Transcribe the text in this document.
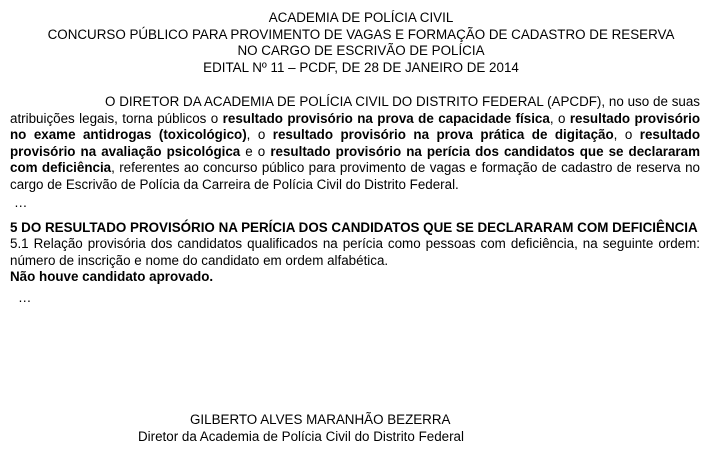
ACADEMIA DE POLÍCIA CIVIL
CONCURSO PÚBLICO PARA PROVIMENTO DE VAGAS E FORMAÇÃO DE CADASTRO DE RESERVA
NO CARGO DE ESCRIVÃO DE POLÍCIA
EDITAL Nº 11 – PCDF, DE 28 DE JANEIRO DE 2014
O DIRETOR DA ACADEMIA DE POLÍCIA CIVIL DO DISTRITO FEDERAL (APCDF), no uso de suas atribuições legais, torna públicos o resultado provisório na prova de capacidade física, o resultado provisório no exame antidrogas (toxicológico), o resultado provisório na prova prática de digitação, o resultado provisório na avaliação psicológica e o resultado provisório na perícia dos candidatos que se declararam com deficiência, referentes ao concurso público para provimento de vagas e formação de cadastro de reserva no cargo de Escrivão de Polícia da Carreira de Polícia Civil do Distrito Federal.
…
5 DO RESULTADO PROVISÓRIO NA PERÍCIA DOS CANDIDATOS QUE SE DECLARARAM COM DEFICIÊNCIA
5.1 Relação provisória dos candidatos qualificados na perícia como pessoas com deficiência, na seguinte ordem: número de inscrição e nome do candidato em ordem alfabética.
Não houve candidato aprovado.
…
GILBERTO ALVES MARANHÃO BEZERRA
Diretor da Academia de Polícia Civil do Distrito Federal
